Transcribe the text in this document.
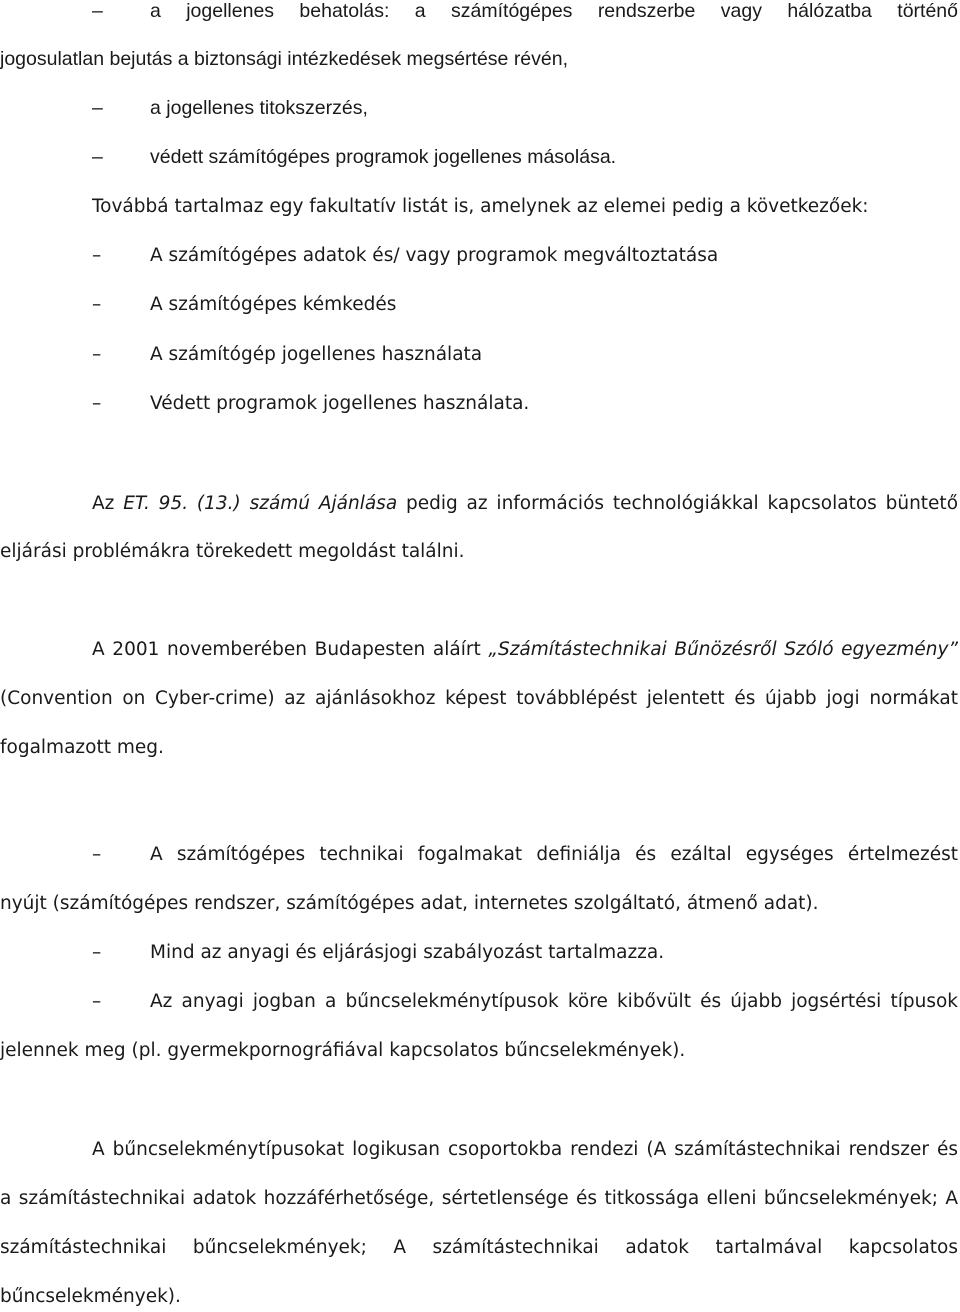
– a jogellenes behatolás: a számítógépes rendszerbe vagy hálózatba történő
jogosulatlan bejutás a biztonsági intézkedések megsértése révén,
– a jogellenes titokszerzés,
– védett számítógépes programok jogellenes másolása.
Továbbá tartalmaz egy fakultatív listát is, amelynek az elemei pedig a következőek:
–	A számítógépes adatok és/ vagy programok megváltoztatása
–	A számítógépes kémkedés
–	A számítógép jogellenes használata
–	Védett programok jogellenes használata.
Az ET. 95. (13.) számú Ajánlása pedig az információs technológiákkal kapcsolatos büntető
eljárási problémákra törekedett megoldást találni.
A 2001 novemberében Budapesten aláírt „Számítástechnikai Bűnözésről Szóló egyezmény”
(Convention on Cyber-crime) az ajánlásokhoz képest továbblépést jelentett és újabb jogi normákat
fogalmazott meg.
–	A számítógépes technikai fogalmakat definiálja és ezáltal egységes értelmezést
nyújt (számítógépes rendszer, számítógépes adat, internetes szolgáltató, átmenő adat).
–	Mind az anyagi és eljárásjogi szabályozást tartalmazza.
–	Az anyagi jogban a bűncselekménytípusok köre kibővült és újabb jogsértési típusok
jelennek meg (pl. gyermekpornográfiával kapcsolatos bűncselekmények).
A bűncselekménytípusokat logikusan csoportokba rendezi (A számítástechnikai rendszer és
a számítástechnikai adatok hozzáférhetősége, sértetlensége és titkossága elleni bűncselekmények; A
számítástechnikai bűncselekmények; A számítástechnikai adatok tartalmával kapcsolatos
bűncselekmények).
